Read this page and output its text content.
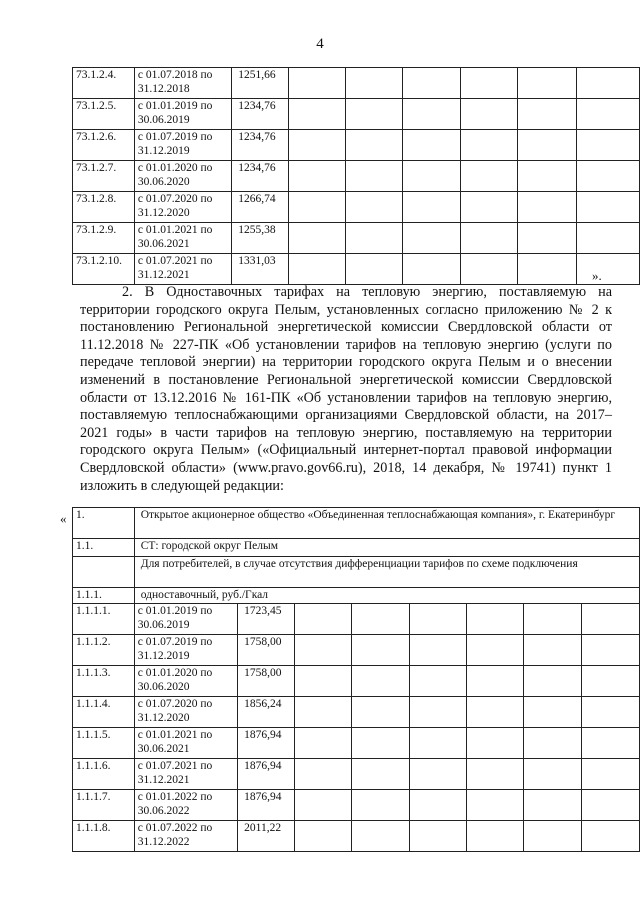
4
73.1.2.4.	с 01.07.2018 по 31.12.2018	1251,66						
73.1.2.5.	с 01.01.2019 по 30.06.2019	1234,76						
73.1.2.6.	с 01.07.2019 по 31.12.2019	1234,76						
73.1.2.7.	с 01.01.2020 по 30.06.2020	1234,76						
73.1.2.8.	с 01.07.2020 по 31.12.2020	1266,74						
73.1.2.9.	с 01.01.2021 по 30.06.2021	1255,38						
73.1.2.10.	с 01.07.2021 по 31.12.2021	1331,03						
».
2. В Одноставочных тарифах на тепловую энергию, поставляемую на территории городского округа Пелым, установленных согласно приложению № 2 к постановлению Региональной энергетической комиссии Свердловской области от 11.12.2018 № 227-ПК «Об установлении тарифов на тепловую энергию (услуги по передаче тепловой энергии) на территории городского округа Пелым и о внесении изменений в постановление Региональной энергетической комиссии Свердловской области от 13.12.2016 № 161-ПК «Об установлении тарифов на тепловую энергию, поставляемую теплоснабжающими организациями Свердловской области, на 2017–2021 годы» в части тарифов на тепловую энергию, поставляемую на территории городского округа Пелым» («Официальный интернет-портал правовой информации Свердловской области» (www.pravo.gov66.ru), 2018, 14 декабря, № 19741) пункт 1 изложить в следующей редакции:
« 1.	Открытое акционерное общество «Объединенная теплоснабжающая компания», г. Екатеринбург							
1.1.	СТ: городской округ Пелым							
	Для потребителей, в случае отсутствия дифференциации тарифов по схеме подключения							
1.1.1.	одноставочный, руб./Гкал							
1.1.1.1.	с 01.01.2019 по 30.06.2019	1723,45						
1.1.1.2.	с 01.07.2019 по 31.12.2019	1758,00						
1.1.1.3.	с 01.01.2020 по 30.06.2020	1758,00						
1.1.1.4.	с 01.07.2020 по 31.12.2020	1856,24						
1.1.1.5.	с 01.01.2021 по 30.06.2021	1876,94						
1.1.1.6.	с 01.07.2021 по 31.12.2021	1876,94						
1.1.1.7.	с 01.01.2022 по 30.06.2022	1876,94						
1.1.1.8.	с 01.07.2022 по 31.12.2022	2011,22						
